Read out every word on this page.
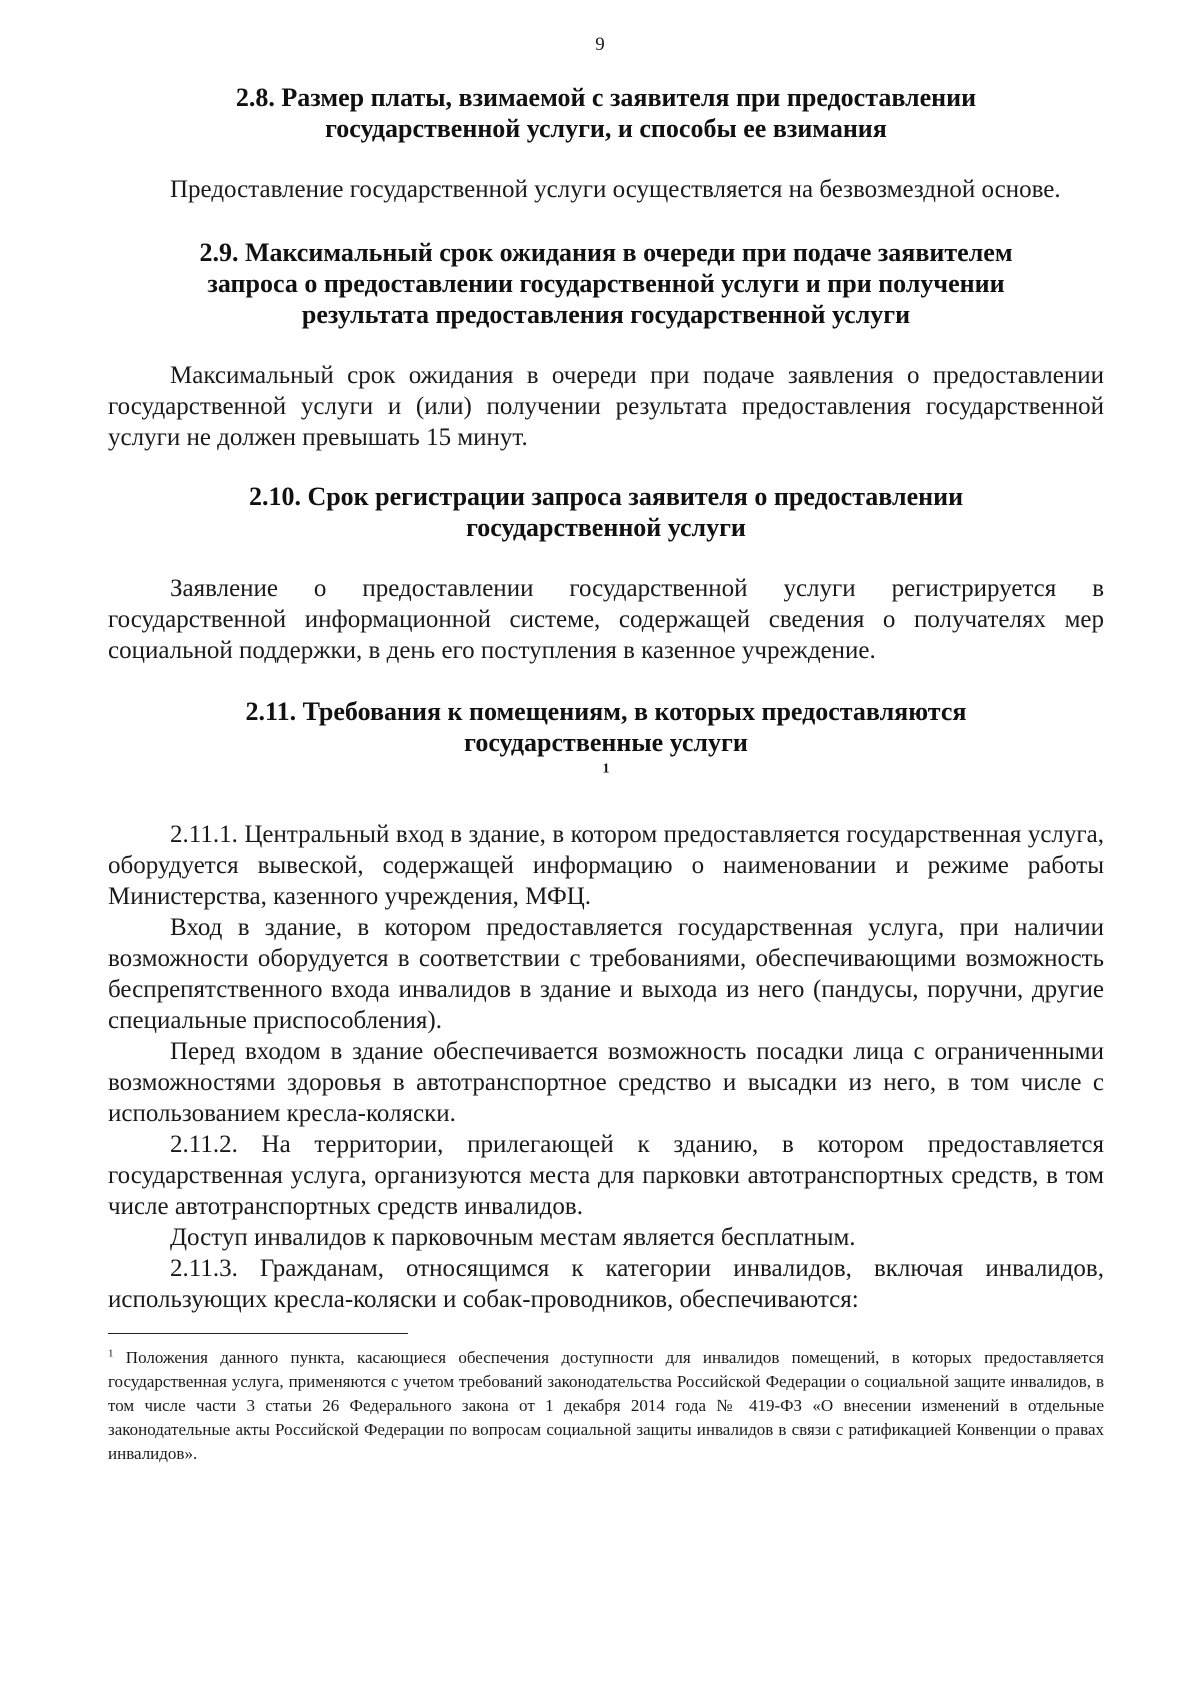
9
2.8. Размер платы, взимаемой с заявителя при предоставлении
государственной услуги, и способы ее взимания

Предоставление государственной услуги осуществляется на безвозмездной основе.

2.9. Максимальный срок ожидания в очереди при подаче заявителем
запроса о предоставлении государственной услуги и при получении
результата предоставления государственной услуги

Максимальный срок ожидания в очереди при подаче заявления о предоставлении государственной услуги и (или) получении результата предоставления государственной услуги не должен превышать 15 минут.

2.10. Срок регистрации запроса заявителя о предоставлении
государственной услуги

Заявление о предоставлении государственной услуги регистрируется в государственной информационной системе, содержащей сведения о получателях мер социальной поддержки, в день его поступления в казенное учреждение.

2.11. Требования к помещениям, в которых предоставляются
государственные услуги
$^1$

2.11.1. Центральный вход в здание, в котором предоставляется государственная услуга, оборудуется вывеской, содержащей информацию о наименовании и режиме работы Министерства, казенного учреждения, МФЦ.

Вход в здание, в котором предоставляется государственная услуга, при наличии возможности оборудуется в соответствии с требованиями, обеспечивающими возможность беспрепятственного входа инвалидов в здание и выхода из него (пандусы, поручни, другие специальные приспособления).

Перед входом в здание обеспечивается возможность посадки лица с ограниченными возможностями здоровья в автотранспортное средство и высадки из него, в том числе с использованием кресла-коляски.

2.11.2. На территории, прилегающей к зданию, в котором предоставляется государственная услуга, организуются места для парковки автотранспортных средств, в том числе автотранспортных средств инвалидов.

Доступ инвалидов к парковочным местам является бесплатным.

2.11.3. Гражданам, относящимся к категории инвалидов, включая инвалидов, использующих кресла-коляски и собак-проводников, обеспечиваются:

$^1$ Положения данного пункта, касающиеся обеспечения доступности для инвалидов помещений, в которых предоставляется государственная услуга, применяются с учетом требований законодательства Российской Федерации о социальной защите инвалидов, в том числе части 3 статьи 26 Федерального закона от 1 декабря 2014 года № 419-ФЗ «О внесении изменений в отдельные законодательные акты Российской Федерации по вопросам социальной защиты инвалидов в связи с ратификацией Конвенции о правах инвалидов».
